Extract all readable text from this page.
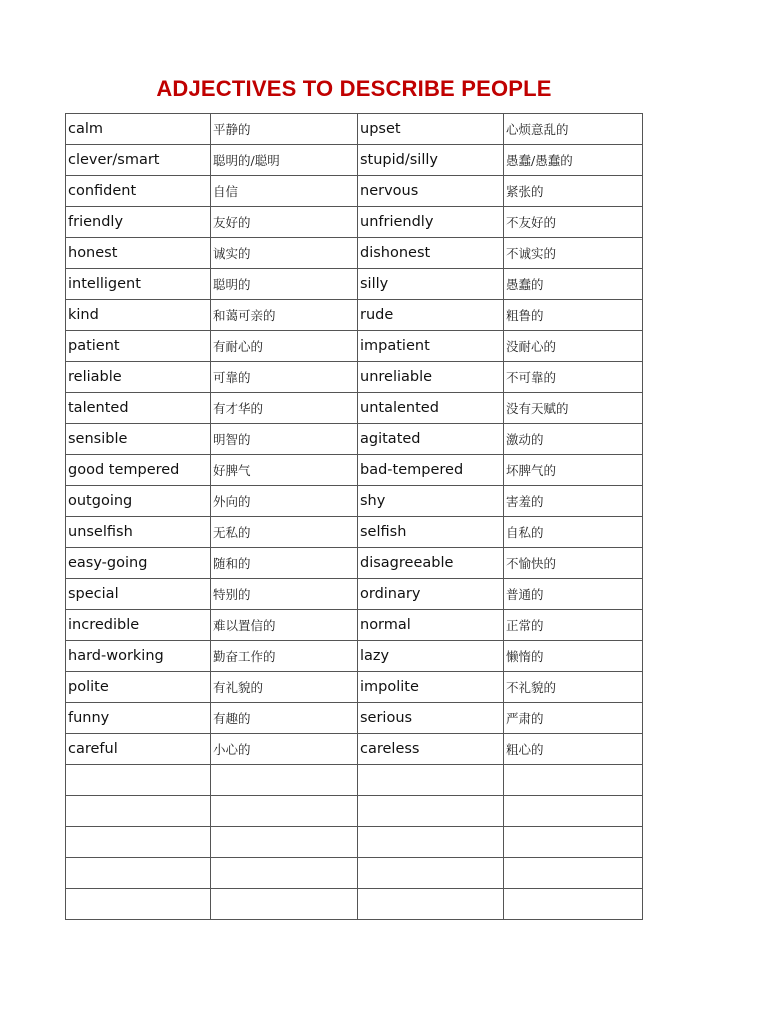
ADJECTIVES TO DESCRIBE PEOPLE
calm	平静的	upset	心烦意乱的
clever/smart	聪明的/聪明	stupid/silly	愚蠢/愚蠢的
confident	自信	nervous	紧张的
friendly	友好的	unfriendly	不友好的
honest	诚实的	dishonest	不诚实的
intelligent	聪明的	silly	愚蠢的
kind	和蔼可亲的	rude	粗鲁的
patient	有耐心的	impatient	没耐心的
reliable	可靠的	unreliable	不可靠的
talented	有才华的	untalented	没有天赋的
sensible	明智的	agitated	激动的
good tempered	好脾气	bad-tempered	坏脾气的
outgoing	外向的	shy	害羞的
unselfish	无私的	selfish	自私的
easy-going	随和的	disagreeable	不愉快的
special	特别的	ordinary	普通的
incredible	难以置信的	normal	正常的
hard-working	勤奋工作的	lazy	懒惰的
polite	有礼貌的	impolite	不礼貌的
funny	有趣的	serious	严肃的
careful	小心的	careless	粗心的
